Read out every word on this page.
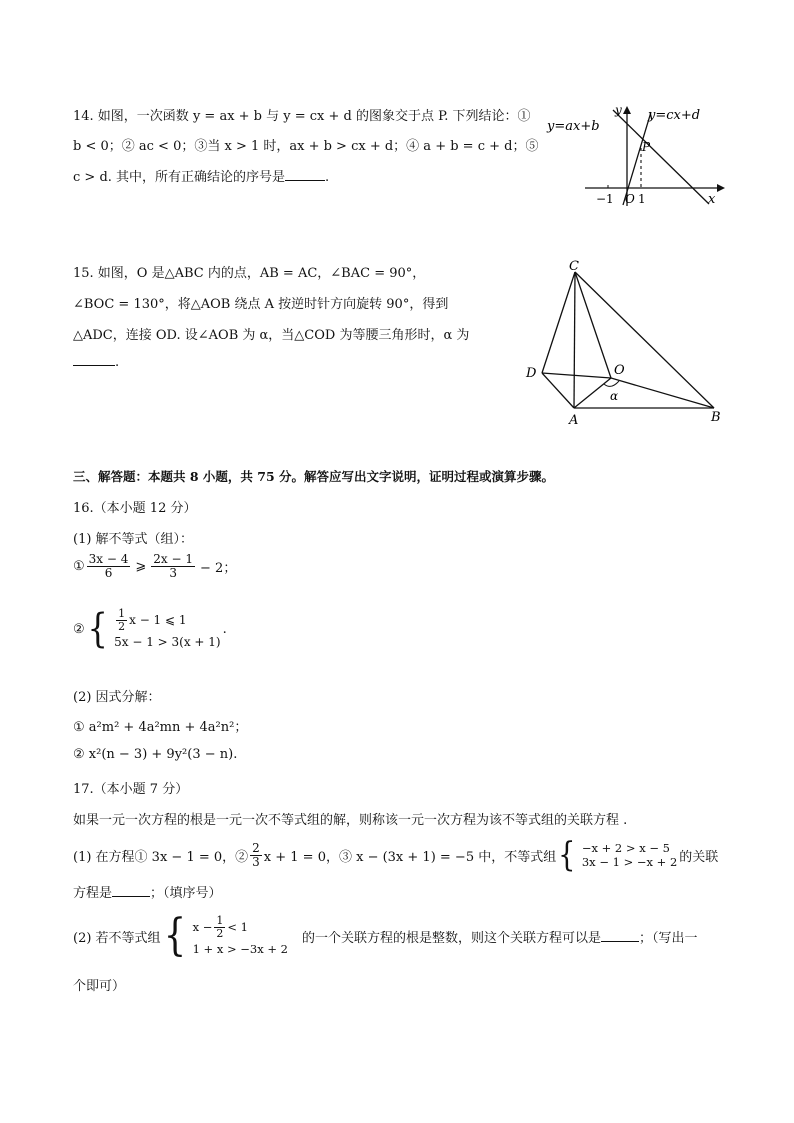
14. 如图，一次函数 y = ax + b 与 y = cx + d 的图象交于点 P. 下列结论：①
b < 0；② ac < 0；③当 x > 1 时，ax + b > cx + d；④ a + b = c + d；⑤
c > d. 其中，所有正确结论的序号是	.
y=ax+b
y=cx+d
y
x
P
O
−1 1
15. 如图，O 是△ABC 内的点，AB = AC，∠BAC = 90°，
∠BOC = 130°，将△AOB 绕点 A 按逆时针方向旋转 90°，得到
△ADC，连接 OD. 设∠AOB 为 α，当△COD 为等腰三角形时，α 为
.
C
D	O
A	B
α
三、解答题：本题共 8 小题，共 75 分。解答应写出文字说明，证明过程或演算步骤。
16.（本小题 12 分）
(1) 解不等式（组）：
① $\frac{3x - 4}{6}$ ⩾ $\frac{2x - 1}{3} - 2$；
② { $\frac{1}{2}$ x − 1 ⩽ 1
5x − 1 > 3(x + 1)
.
(2) 因式分解：
① a²m² + 4a²mn + 4a²n²；
② x²(n − 3) + 9y²(3 − n).
17.（本小题 7 分）
如果一元一次方程的根是一元一次不等式组的解，则称该一元一次方程为该不等式组的关联方程 .
(1) 在方程① 3x − 1 = 0，② $\frac{2}{3}$ x + 1 = 0，③ x − (3x + 1) = −5 中，不等式组 { −x + 2 > x − 5
3x − 1 > −x + 2 的关联
方程是	；（填序号）
(2) 若不等式组 { $x - \frac{1}{2} < 1$
1 + x > −3x + 2
的一个关联方程的根是整数，则这个关联方程可以是	；（写出一
个即可）
